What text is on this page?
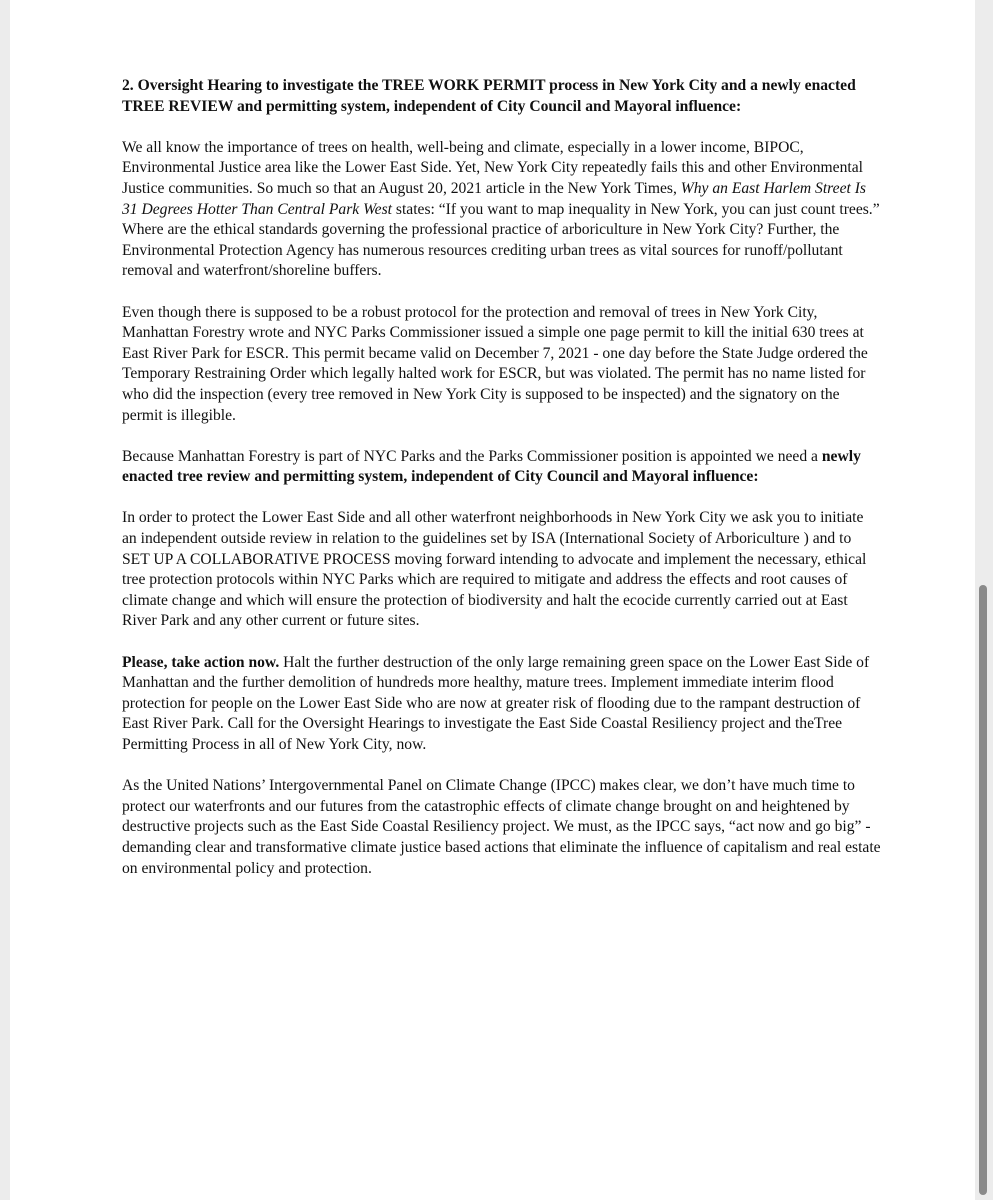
2. Oversight Hearing to investigate the TREE WORK PERMIT process in New York City and a newly enacted TREE REVIEW and permitting system, independent of City Council and Mayoral influence:

We all know the importance of trees on health, well-being and climate, especially in a lower income, BIPOC, Environmental Justice area like the Lower East Side. Yet, New York City repeatedly fails this and other Environmental Justice communities. So much so that an August 20, 2021 article in the New York Times, Why an East Harlem Street Is 31 Degrees Hotter Than Central Park West states: “If you want to map inequality in New York, you can just count trees.” Where are the ethical standards governing the professional practice of arboriculture in New York City? Further, the Environmental Protection Agency has numerous resources crediting urban trees as vital sources for runoff/pollutant removal and waterfront/shoreline buffers.

Even though there is supposed to be a robust protocol for the protection and removal of trees in New York City, Manhattan Forestry wrote and NYC Parks Commissioner issued a simple one page permit to kill the initial 630 trees at East River Park for ESCR. This permit became valid on December 7, 2021 - one day before the State Judge ordered the Temporary Restraining Order which legally halted work for ESCR, but was violated. The permit has no name listed for who did the inspection (every tree removed in New York City is supposed to be inspected) and the signatory on the permit is illegible.

Because Manhattan Forestry is part of NYC Parks and the Parks Commissioner position is appointed we need a newly enacted tree review and permitting system, independent of City Council and Mayoral influence:

In order to protect the Lower East Side and all other waterfront neighborhoods in New York City we ask you to initiate an independent outside review in relation to the guidelines set by ISA (International Society of Arboriculture ) and to SET UP A COLLABORATIVE PROCESS moving forward intending to advocate and implement the necessary, ethical tree protection protocols within NYC Parks which are required to mitigate and address the effects and root causes of climate change and which will ensure the protection of biodiversity and halt the ecocide currently carried out at East River Park and any other current or future sites.

Please, take action now. Halt the further destruction of the only large remaining green space on the Lower East Side of Manhattan and the further demolition of hundreds more healthy, mature trees. Implement immediate interim flood protection for people on the Lower East Side who are now at greater risk of flooding due to the rampant destruction of East River Park. Call for the Oversight Hearings to investigate the East Side Coastal Resiliency project and theTree Permitting Process in all of New York City, now.

As the United Nations’ Intergovernmental Panel on Climate Change (IPCC) makes clear, we don’t have much time to protect our waterfronts and our futures from the catastrophic effects of climate change brought on and heightened by destructive projects such as the East Side Coastal Resiliency project. We must, as the IPCC says, “act now and go big” - demanding clear and transformative climate justice based actions that eliminate the influence of capitalism and real estate on environmental policy and protection.
